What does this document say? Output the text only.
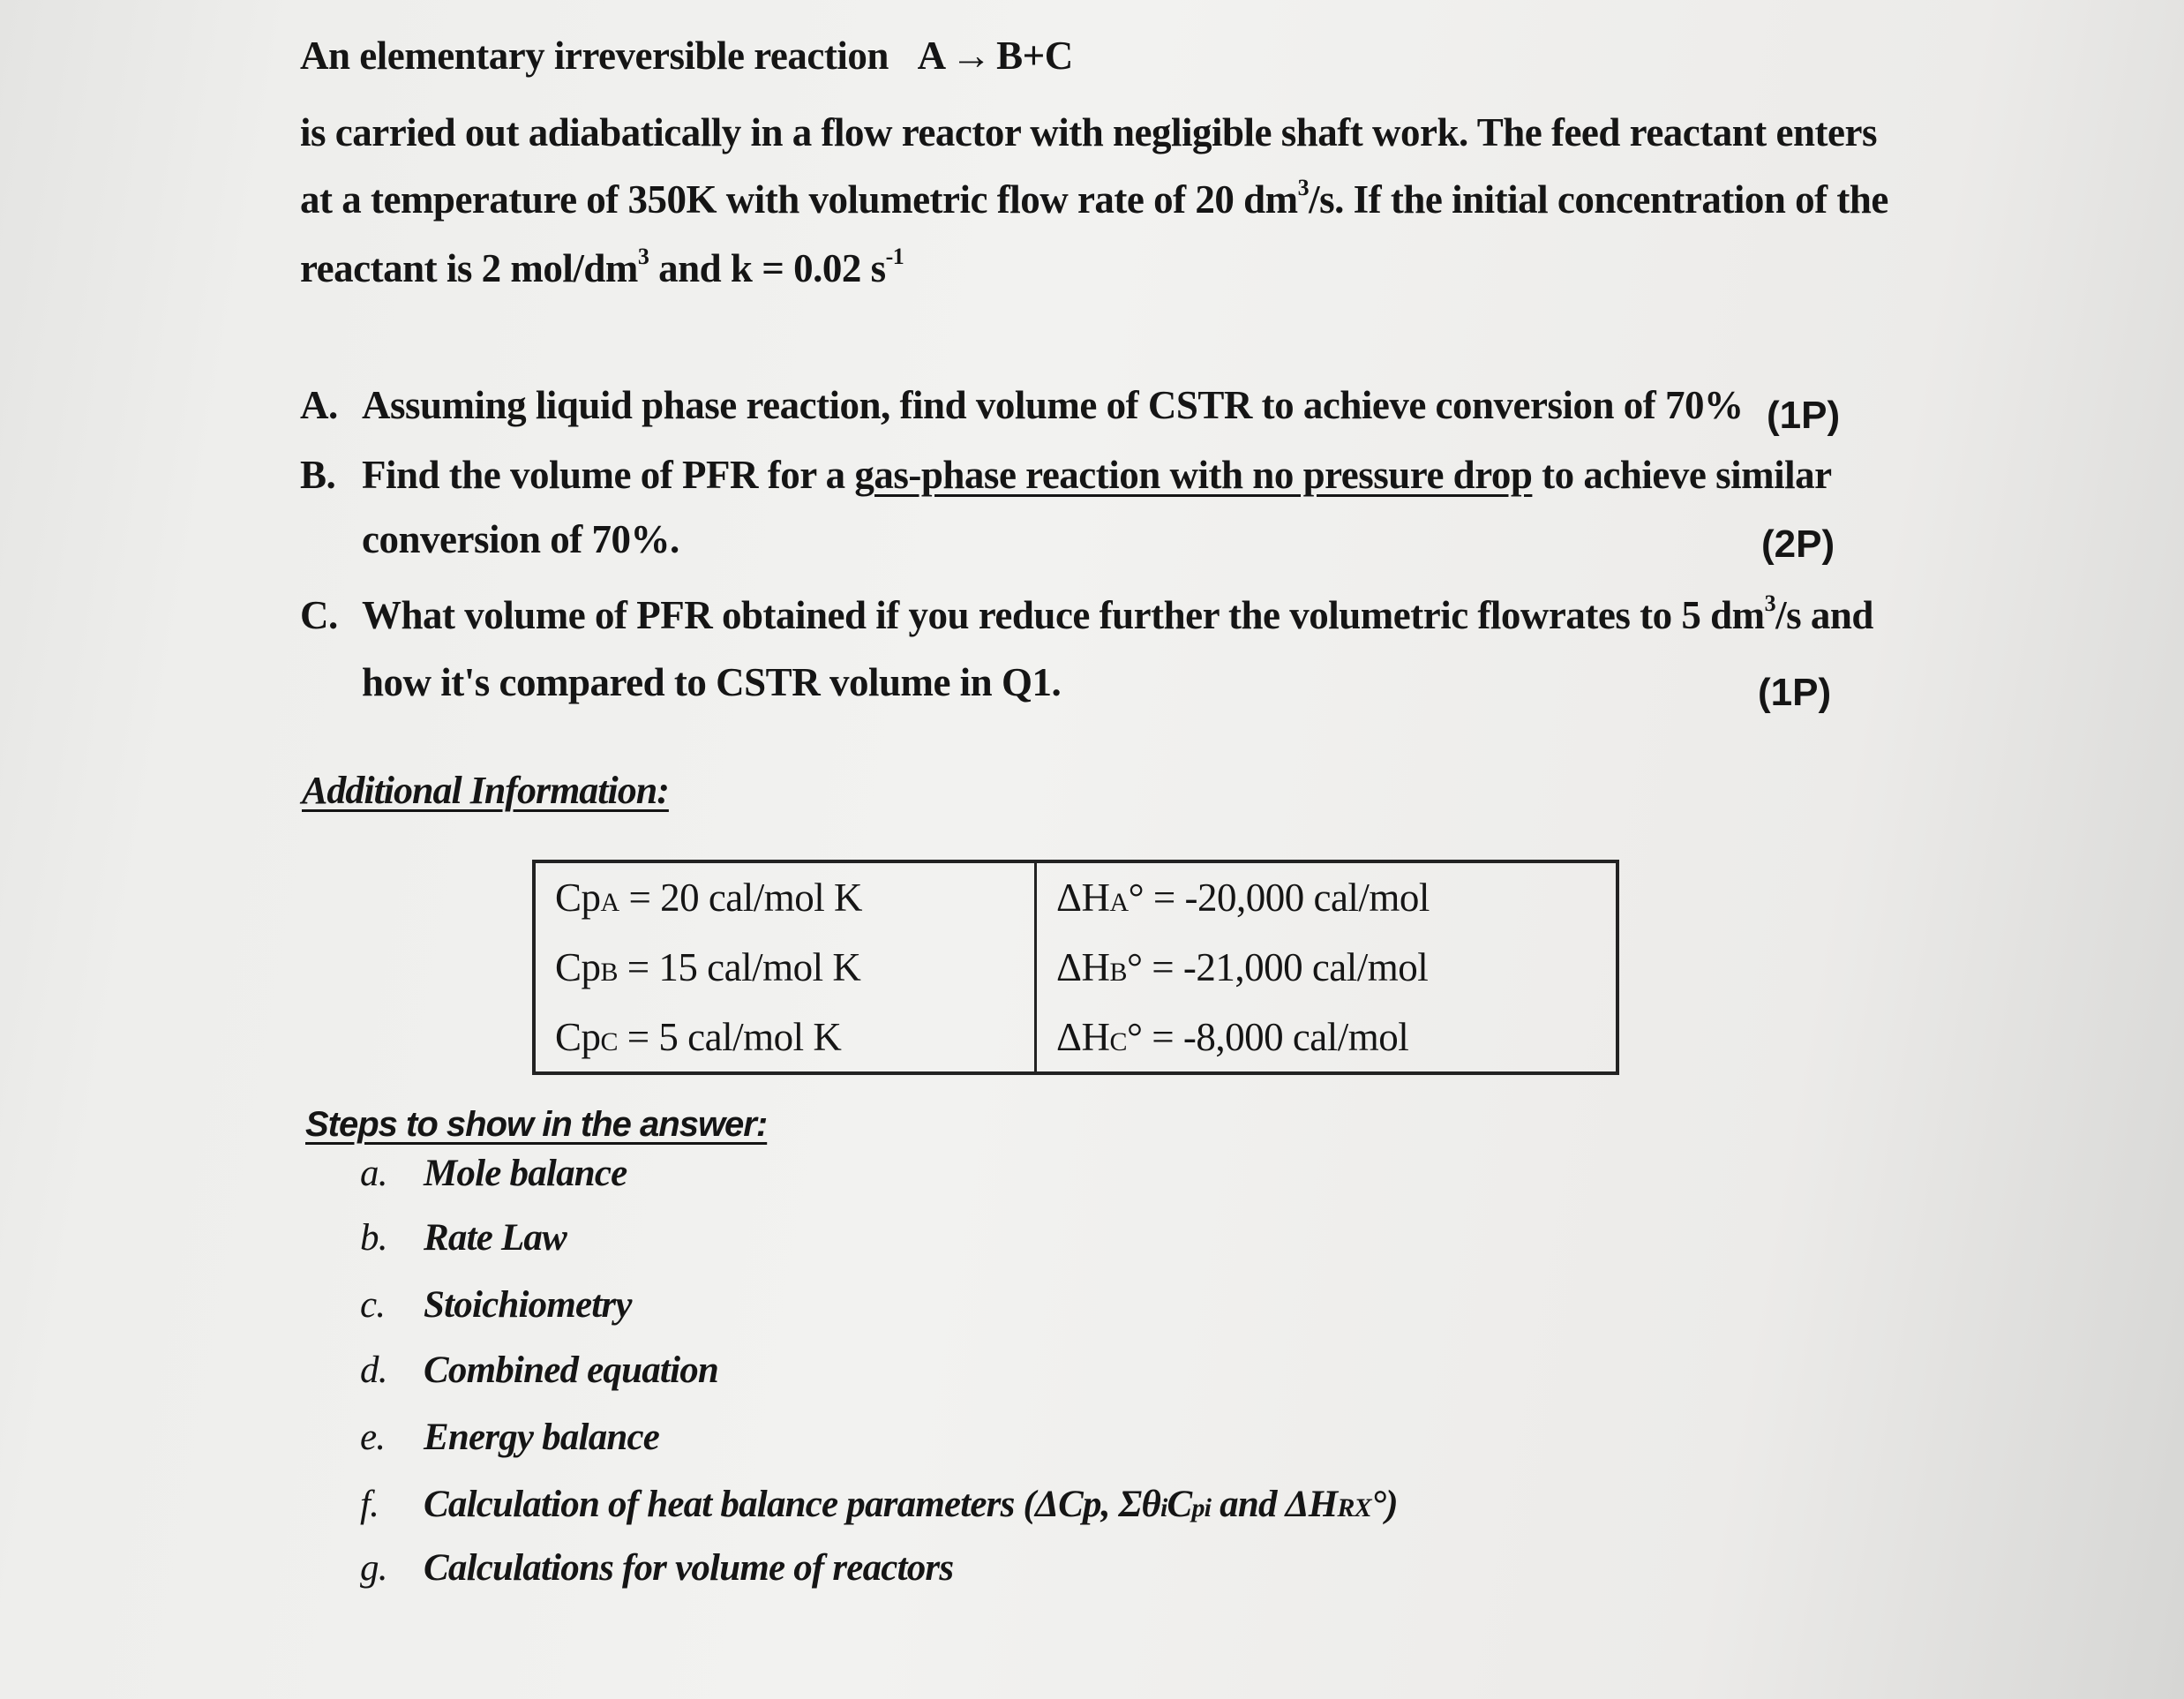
An elementary irreversible reaction A → B+C
is carried out adiabatically in a flow reactor with negligible shaft work. The feed reactant enters
at a temperature of 350K with volumetric flow rate of 20 $dm^3/s$. If the initial concentration of the
reactant is 2 mol/$dm^3$ and k = 0.02 $s^{-1}$
A. Assuming liquid phase reaction, find volume of CSTR to achieve conversion of 70% (1P)
B. Find the volume of PFR for a gas-phase reaction with no pressure drop to achieve similar
conversion of 70%.	(2P)
C. What volume of PFR obtained if you reduce further the volumetric flowrates to 5 $dm^3/s$ and
how it's compared to CSTR volume in Q1.	(1P)
Additional Information:
CpA = 20 cal/mol K	ΔHA° = -20,000 cal/mol
CpB = 15 cal/mol K	ΔHB° = -21,000 cal/mol
CpC = 5 cal/mol K	ΔHC° = -8,000 cal/mol
Steps to show in the answer:
a. Mole balance
b. Rate Law
c. Stoichiometry
d. Combined equation
e. Energy balance
f. Calculation of heat balance parameters (ΔCp, ΣθiCpi and ΔHRX°)
g. Calculations for volume of reactors
